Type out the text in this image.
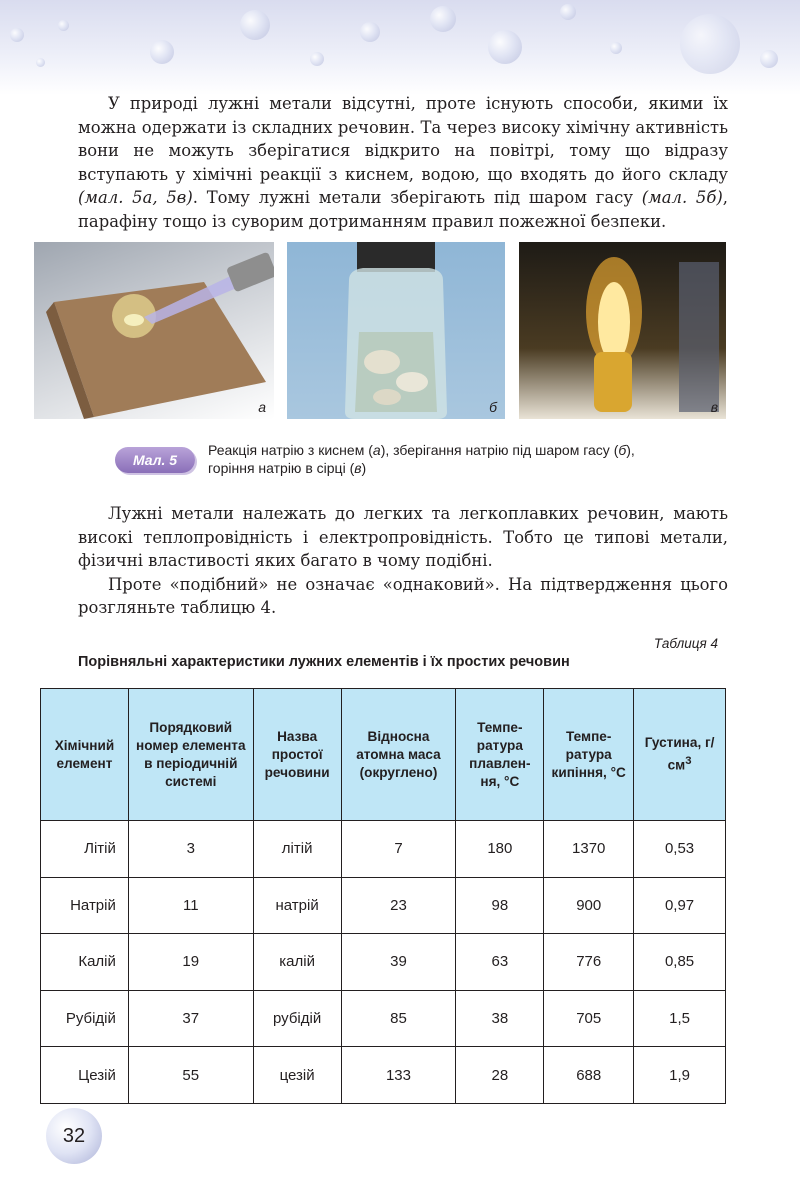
У природі лужні метали відсутні, проте існують способи, якими їх можна одержати із складних речовин. Та через високу хімічну активність вони не можуть зберігатися відкрито на повітрі, тому що відразу вступають у хімічні реакції з киснем, водою, що входять до його складу (мал. 5а, 5в). Тому лужні метали зберігають під шаром гасу (мал. 5б), парафіну тощо із суворим дотриманням правил пожежної безпеки.

а	б	в
Мал. 5
Реакція натрію з киснем (а), зберігання натрію під шаром гасу (б),
горіння натрію в сірці (в)

Лужні метали належать до легких та легкоплавких речовин, мають високі теплопровідність і електропровідність. Тобто це типові метали, фізичні властивості яких багато в чому подібні.

Проте «подібний» не означає «однаковий». На підтвердження цього розгляньте таблицю 4.

Таблиця 4
Порівняльні характеристики лужних елементів і їх простих речовин
Хімічний елемент	Порядковий номер елемента в періодичній системі	Назва простої речовини	Відносна атомна маса (округлено)	Темпе-ратура плавлен-ня, °С	Темпе-ратура кипіння, °С	Густина, $г/см^3$
Літій	3	літій	7	180	1370	0,53
Натрій	11	натрій	23	98	900	0,97
Калій	19	калій	39	63	776	0,85
Рубідій	37	рубідій	85	38	705	1,5
Цезій	55	цезій	133	28	688	1,9
32
